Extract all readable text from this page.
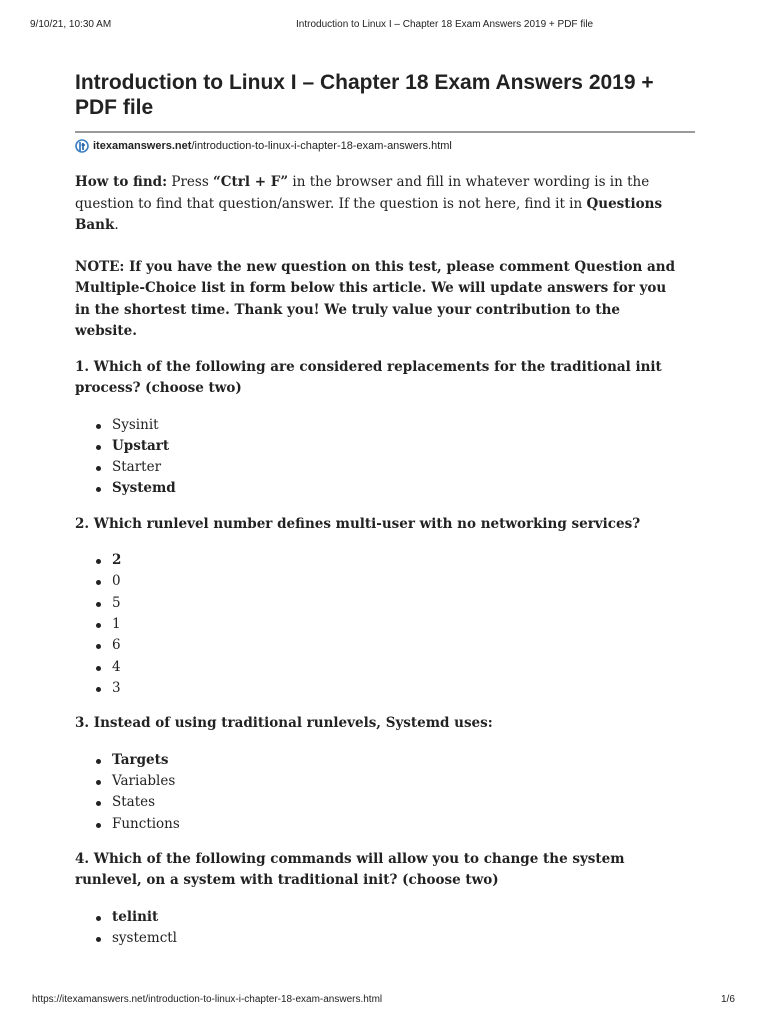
9/10/21, 10:30 AM	Introduction to Linux I – Chapter 18 Exam Answers 2019 + PDF file
Introduction to Linux I – Chapter 18 Exam Answers 2019 + PDF file
itexamanswers.net /introduction-to-linux-i-chapter-18-exam-answers.html

How to find: Press “Ctrl + F” in the browser and fill in whatever wording is in the question to find that question/answer. If the question is not here, find it in Questions Bank.

NOTE: If you have the new question on this test, please comment Question and Multiple-Choice list in form below this article. We will update answers for you in the shortest time. Thank you! We truly value your contribution to the website.

1. Which of the following are considered replacements for the traditional init process? (choose two)

Sysinit
Upstart
Starter
Systemd

2. Which runlevel number defines multi-user with no networking services?

2
0
5
1
6
4
3

3. Instead of using traditional runlevels, Systemd uses:

Targets
Variables
States
Functions

4. Which of the following commands will allow you to change the system runlevel, on a system with traditional init? (choose two)

telinit
systemctl
https://itexamanswers.net/introduction-to-linux-i-chapter-18-exam-answers.html	1/6
